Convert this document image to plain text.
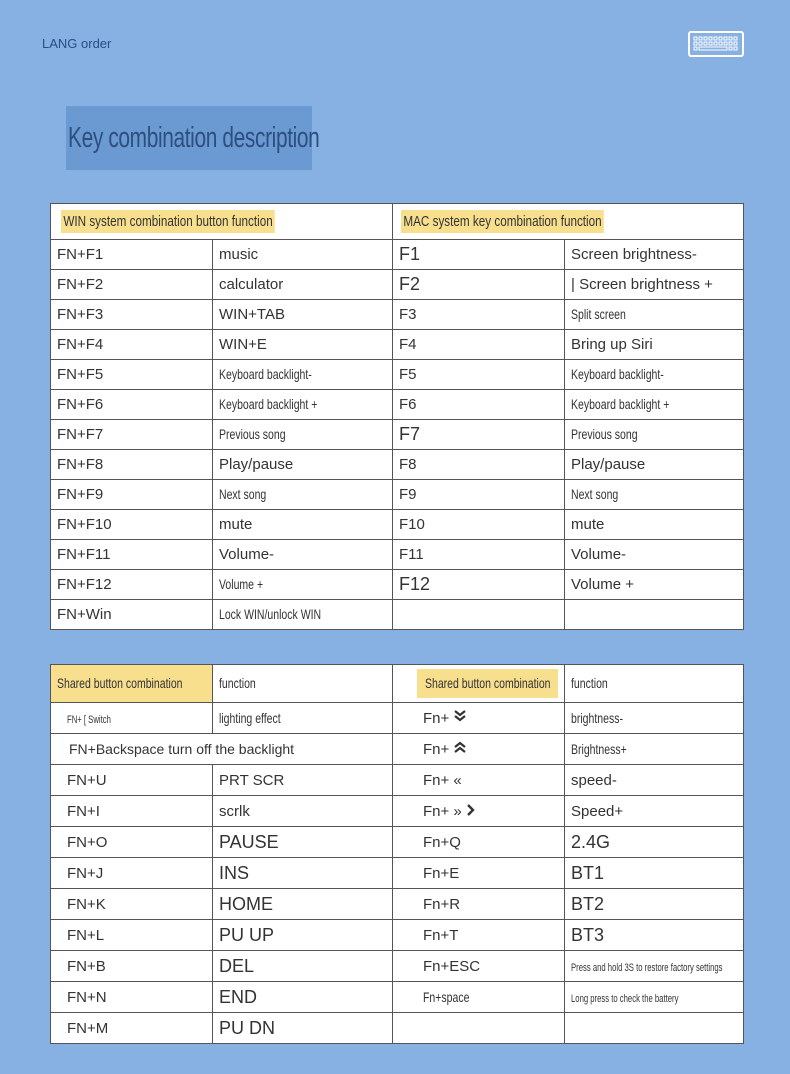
LANG order
Key combination description
WIN system combination button function		MAC system key combination function	
FN+F1	music	F1	Screen brightness-
FN+F2	calculator	F2	| Screen brightness +
FN+F3	WIN+TAB	F3	Split screen
FN+F4	WIN+E	F4	Bring up Siri
FN+F5	Keyboard backlight-	F5	Keyboard backlight-
FN+F6	Keyboard backlight +	F6	Keyboard backlight +
FN+F7	Previous song	F7	Previous song
FN+F8	Play/pause	F8	Play/pause
FN+F9	Next song	F9	Next song
FN+F10	mute	F10	mute
FN+F11	Volume-	F11	Volume-
FN+F12	Volume +	F12	Volume +
FN+Win	Lock WIN/unlock WIN		
Shared button combination	function	Shared button combination	function
FN+ [ Switch	lighting effect	Fn+	brightness-
FN+Backspace turn off the backlight		Fn+	Brightness+
FN+U	PRT SCR	Fn+ «	speed-
FN+I	scrlk	Fn+ »	Speed+
FN+O	PAUSE	Fn+Q	2.4G
FN+J	INS	Fn+E	BT1
FN+K	HOME	Fn+R	BT2
FN+L	PU UP	Fn+T	BT3
FN+B	DEL	Fn+ESC	Press and hold 3S to restore factory settings
FN+N	END	Fn+space	Long press to check the battery
FN+M	PU DN		
